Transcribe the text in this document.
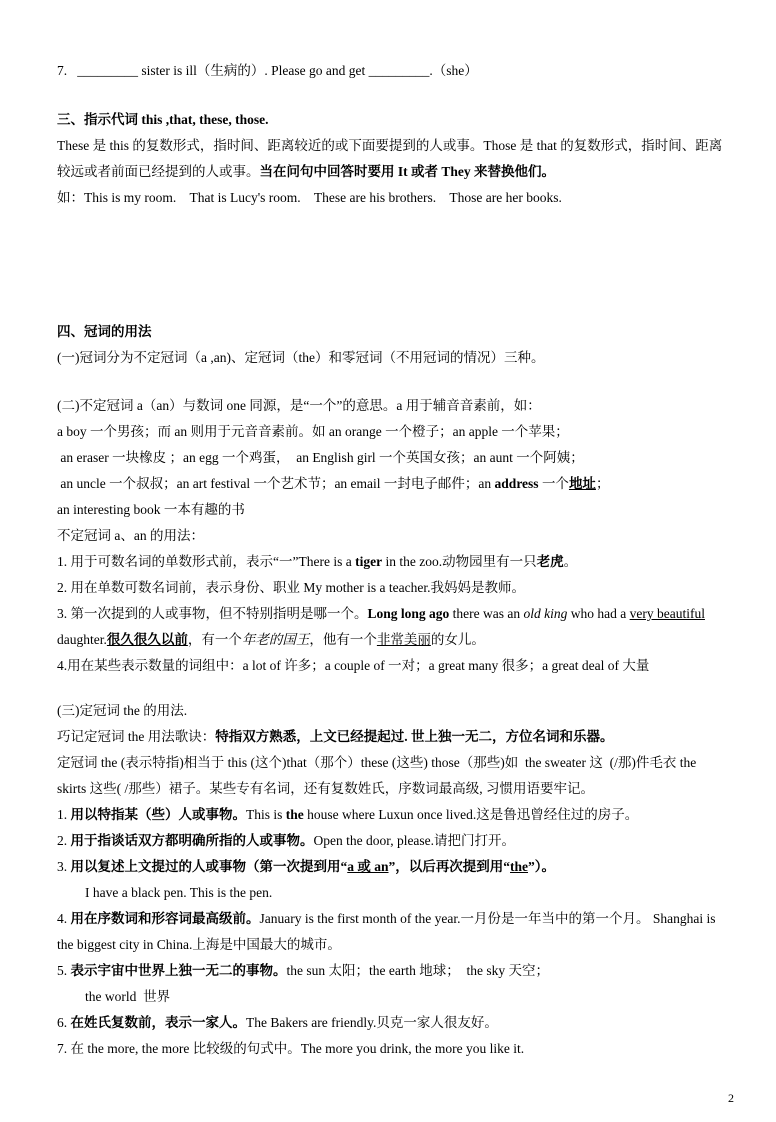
7.   _________ sister is ill（生病的）. Please go and get _________.（she）
三、指示代词 this ,that, these, those.
These 是 this 的复数形式，指时间、距离较近的或下面要提到的人或事。Those 是 that 的复数形式，指时间、距离较远或者前面已经提到的人或事。当在问句中回答时要用 It 或者 They 来替换他们。
如：This is my room.    That is Lucy's room.    These are his brothers.    Those are her books.
四、冠词的用法
(一)冠词分为不定冠词（a ,an)、定冠词（the）和零冠词（不用冠词的情况）三种。
(二)不定冠词 a（an）与数词 one 同源，是“一个”的意思。a 用于辅音音素前，如：
a boy 一个男孩；而 an 则用于元音音素前。如 an orange 一个橙子；an apple 一个苹果；
an eraser 一块橡皮 ；an egg 一个鸡蛋，  an English girl 一个英国女孩；an aunt 一个阿姨；
an uncle 一个叔叔；an art festival 一个艺术节；an email 一封电子邮件；an address 一个地址；
an interesting book 一本有趣的书
不定冠词 a、an 的用法：
1. 用于可数名词的单数形式前，表示“一”There is a tiger in the zoo.动物园里有一只老虎。
2. 用在单数可数名词前，表示身份、职业 My mother is a teacher.我妈妈是教师。
3. 第一次提到的人或事物，但不特别指明是哪一个。Long long ago there was an old king who had a very beautiful daughter.很久很久以前，有一个年老的国王，他有一个非常美丽的女儿。
4.用在某些表示数量的词组中：a lot of 许多；a couple of 一对；a great many 很多；a great deal of 大量
(三)定冠词 the 的用法.
巧记定冠词 the 用法歌诀：特指双方熟悉，上文已经提起过. 世上独一无二，方位名词和乐器。
定冠词 the (表示特指)相当于 this (这个)that（那个）these (这些) those（那些)如  the sweater 这  (/那)件毛衣 the skirts 这些( /那些）裙子。某些专有名词，还有复数姓氏，序数词最高级, 习惯用语要牢记。
1. 用以特指某（些）人或事物。This is the house where Luxun once lived.这是鲁迅曾经住过的房子。
2. 用于指谈话双方都明确所指的人或事物。Open the door, please.请把门打开。
3. 用以复述上文提过的人或事物（第一次提到用“a 或 an”，以后再次提到用“the”）。
I have a black pen. This is the pen.
4. 用在序数词和形容词最高级前。January is the first month of the year.一月份是一年当中的第一个月。 Shanghai is the biggest city in China.上海是中国最大的城市。
5. 表示宇宙中世界上独一无二的事物。the sun 太阳；the earth 地球；  the sky 天空；
the world  世界
6. 在姓氏复数前，表示一家人。The Bakers are friendly.贝克一家人很友好。
7. 在 the more, the more 比较级的句式中。The more you drink, the more you like it.
2
